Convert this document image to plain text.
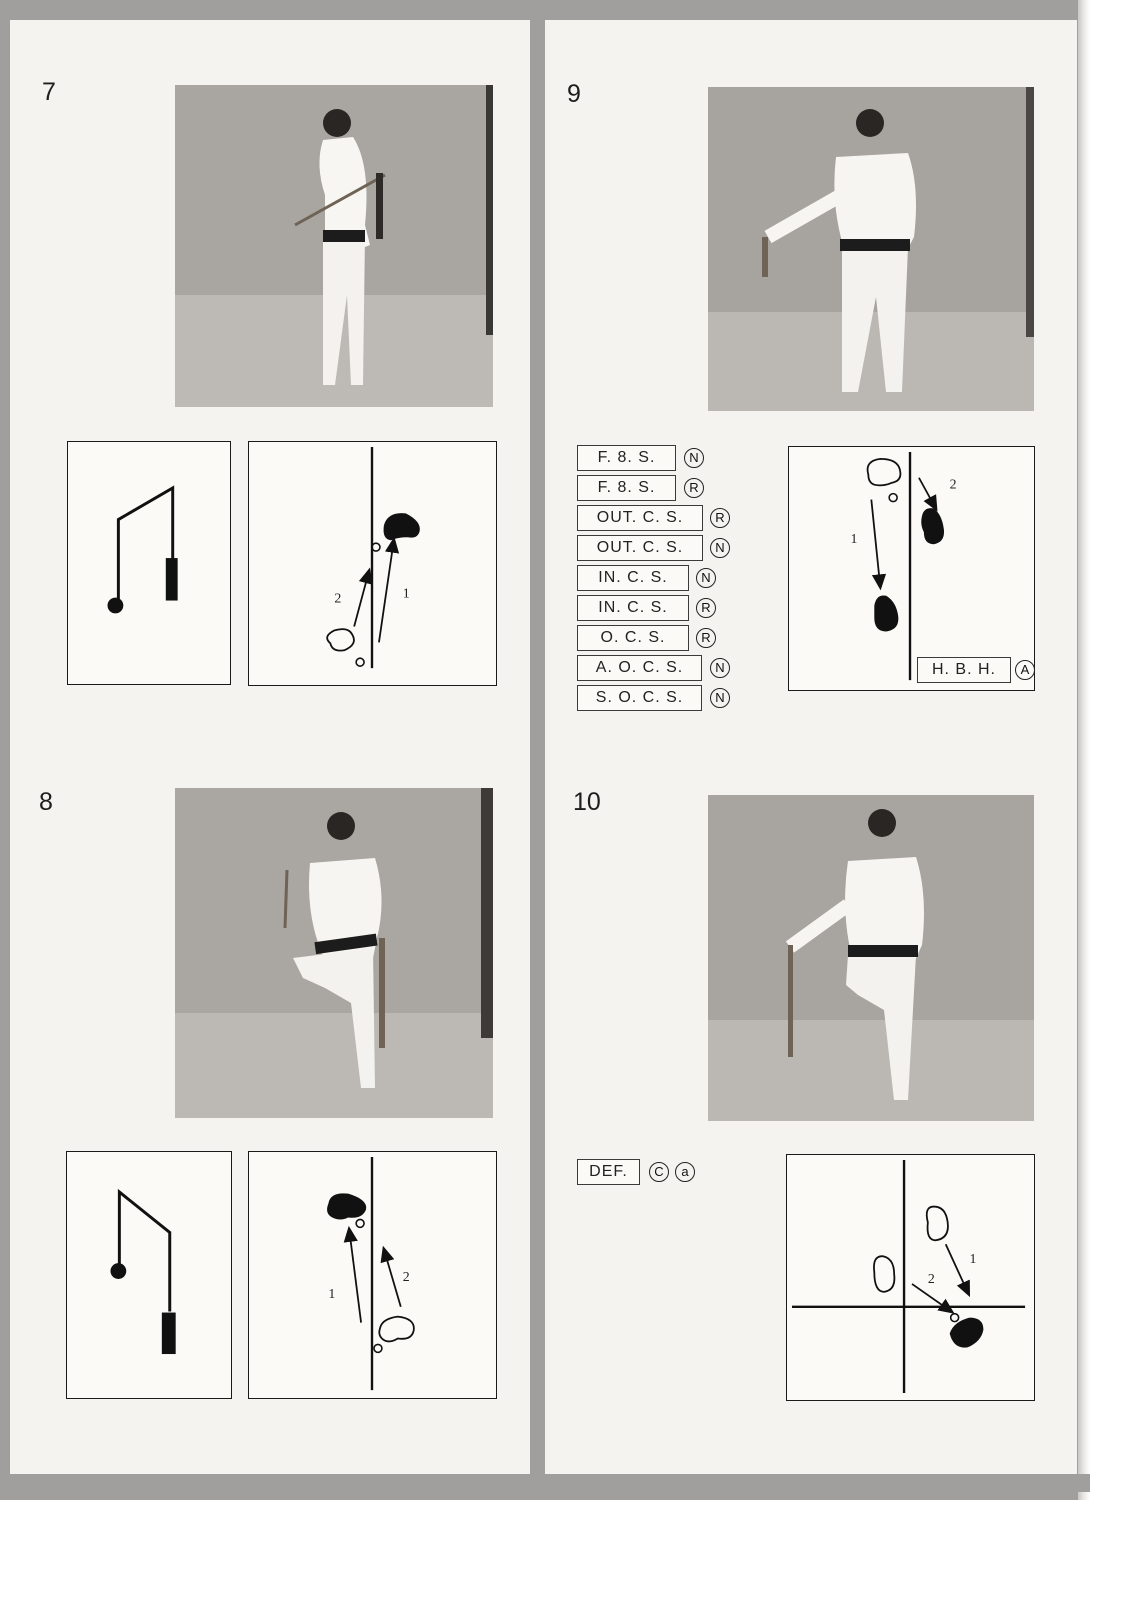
7
1
2
8
1
2
9
F. 8. S.	N
F. 8. S.	R
OUT. C. S.	R
OUT. C. S.	N
IN. C. S.	N
IN. C. S.	R
O. C. S.	R
A. O. C. S.	N
S. O. C. S.	N
1
2
H. B. H.	A
10
DEF.	C	a
1
2
